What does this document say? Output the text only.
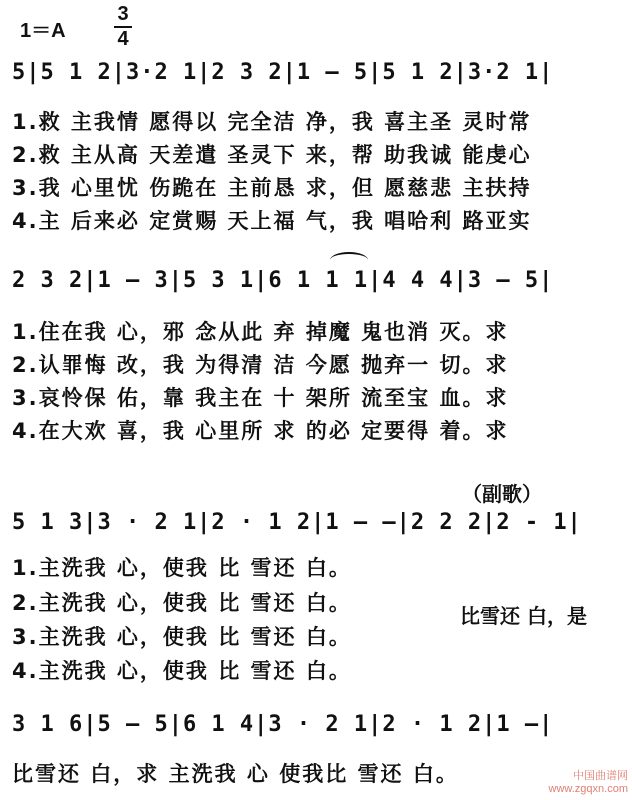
1＝A
3
4
5|5 1 2|3·2 1|2 3 2|1 — 5|5 1 2|3·2 1|
1.救 主我情 愿得以 完全洁 净，我 喜主圣 灵时常
2.救 主从高 天差遣 圣灵下 来，帮 助我诚 能虔心
3.我 心里忧 伤跪在 主前恳 求，但 愿慈悲 主扶持
4.主 后来必 定赏赐 天上福 气，我 唱哈利 路亚实
2 3 2|1 — 3|5 3 1|6 1 1 1|4 4 4|3 — 5|
1.住在我 心，邪 念从此 弃 掉魔 鬼也消 灭。求
2.认罪悔 改，我 为得清 洁 今愿 抛弃一 切。求
3.哀怜保 佑，靠 我主在 十 架所 流至宝 血。求
4.在大欢 喜，我 心里所 求 的必 定要得 着。求
（副歌）
5 1 3|3 · 2 1|2 · 1 2|1 — —|2 2 2|2 - 1|
1.主洗我 心，使我 比 雪还 白。
2.主洗我 心，使我 比 雪还 白。
3.主洗我 心，使我 比 雪还 白。
4.主洗我 心，使我 比 雪还 白。
比雪还 白，是
3 1 6|5 — 5|6 1 4|3 · 2 1|2 · 1 2|1 —|
比雪还 白，求 主洗我 心 使我比 雪还 白。	中国曲谱网
www.zgqxn.com
